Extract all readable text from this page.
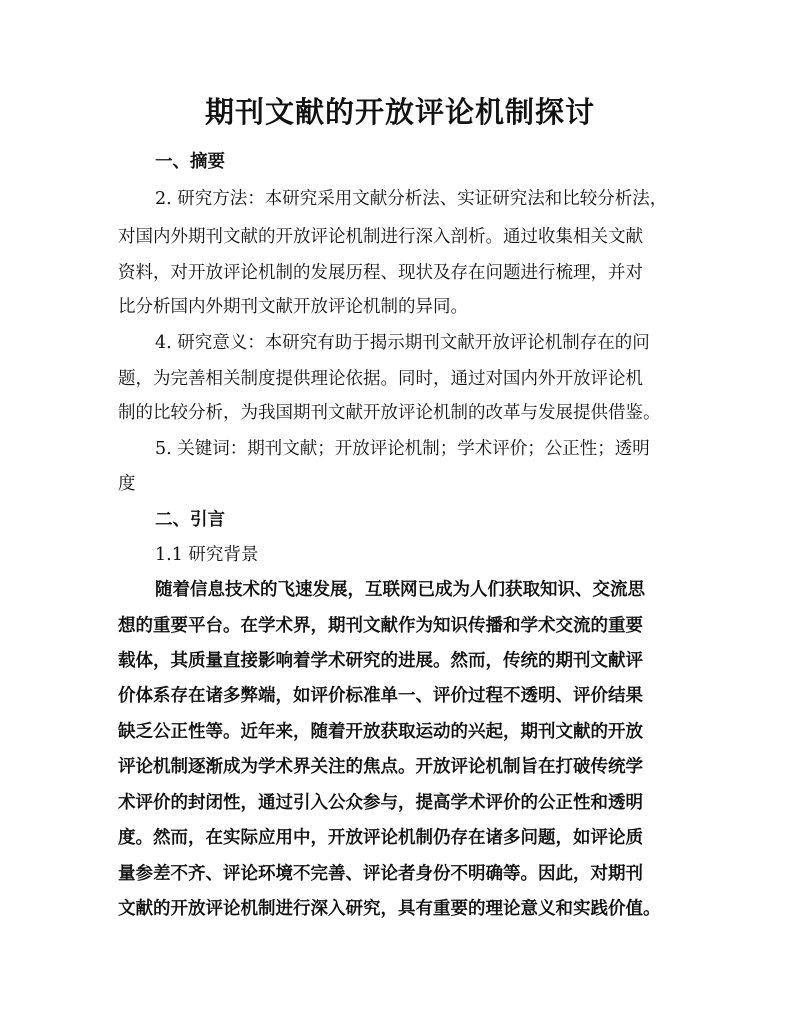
期刊文献的开放评论机制探讨
一、摘要
2. 研究方法：本研究采用文献分析法、实证研究法和比较分析法，
对国内外期刊文献的开放评论机制进行深入剖析。通过收集相关文献
资料，对开放评论机制的发展历程、现状及存在问题进行梳理，并对
比分析国内外期刊文献开放评论机制的异同。
4. 研究意义：本研究有助于揭示期刊文献开放评论机制存在的问
题，为完善相关制度提供理论依据。同时，通过对国内外开放评论机
制的比较分析，为我国期刊文献开放评论机制的改革与发展提供借鉴。
5. 关键词：期刊文献；开放评论机制；学术评价；公正性；透明
度
二、引言
1.1 研究背景
随着信息技术的飞速发展，互联网已成为人们获取知识、交流思
想的重要平台。在学术界，期刊文献作为知识传播和学术交流的重要
载体，其质量直接影响着学术研究的进展。然而，传统的期刊文献评
价体系存在诸多弊端，如评价标准单一、评价过程不透明、评价结果
缺乏公正性等。近年来，随着开放获取运动的兴起，期刊文献的开放
评论机制逐渐成为学术界关注的焦点。开放评论机制旨在打破传统学
术评价的封闭性，通过引入公众参与，提高学术评价的公正性和透明
度。然而，在实际应用中，开放评论机制仍存在诸多问题，如评论质
量参差不齐、评论环境不完善、评论者身份不明确等。因此，对期刊
文献的开放评论机制进行深入研究，具有重要的理论意义和实践价值。
